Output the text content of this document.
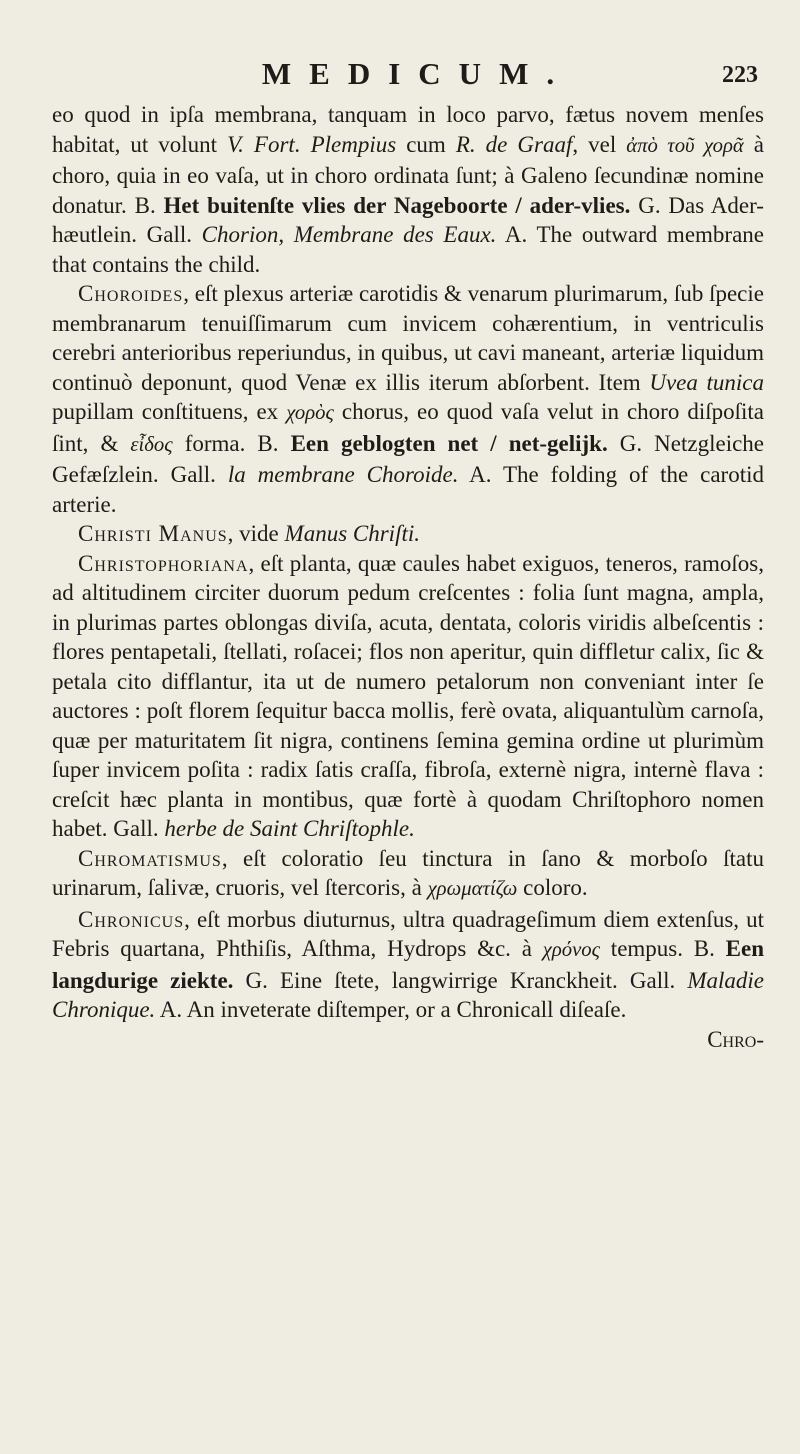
MEDICUM.	223

eo quod in ipſa membrana, tanquam in loco parvo, fætus novem menſes habitat, ut volunt V. Fort. Plempius cum R. de Graaf, vel ἀπὸ τοῦ χορᾶ à choro, quia in eo vaſa, ut in choro ordinata ſunt; à Galeno ſecundinæ nomine donatur. B. Het buitenſte vlies der Nageboorte / ader-vlies. G. Das Ader-hæutlein. Gall. Chorion, Membrane des Eaux. A. The outward membrane that contains the child.

Choroides, eſt plexus arteriæ carotidis & venarum plurimarum, ſub ſpecie membranarum tenuiſſimarum cum invicem cohærentium, in ventriculis cerebri anterioribus reperiundus, in quibus, ut cavi maneant, arteriæ liquidum continuò deponunt, quod Venæ ex illis iterum abſorbent. Item Uvea tunica pupillam conſtituens, ex χορὸς chorus, eo quod vaſa velut in choro diſpoſita ſint, & εἶδος forma. B. Een geblogten net / net-gelijk. G. Netzgleiche Gefæſzlein. Gall. la membrane Choroide. A. The folding of the carotid arterie.

Christi Manus, vide Manus Chriſti.

Christophoriana, eſt planta, quæ caules habet exiguos, teneros, ramoſos, ad altitudinem circiter duorum pedum creſcentes : folia ſunt magna, ampla, in plurimas partes oblongas diviſa, acuta, dentata, coloris viridis albeſcentis : flores pentapetali, ſtellati, roſacei; flos non aperitur, quin diffletur calix, ſic & petala cito difflantur, ita ut de numero petalorum non conveniant inter ſe auctores : poſt florem ſequitur bacca mollis, ferè ovata, aliquantulùm carnoſa, quæ per maturitatem ſit nigra, continens ſemina gemina ordine ut plurimùm ſuper invicem poſita : radix ſatis craſſa, fibroſa, externè nigra, internè flava : creſcit hæc planta in montibus, quæ fortè à quodam Chriſtophoro nomen habet. Gall. herbe de Saint Chriſtophle.

Chromatismus, eſt coloratio ſeu tinctura in ſano & morboſo ſtatu urinarum, ſalivæ, cruoris, vel ſtercoris, à χρωματίζω coloro.

Chronicus, eſt morbus diuturnus, ultra quadrageſimum diem extenſus, ut Febris quartana, Phthiſis, Aſthma, Hydrops &c. à χρόνος tempus. B. Een langdurige ziekte. G. Eine ſtete, langwirrige Kranckheit. Gall. Maladie Chronique. A. An inveterate diſtemper, or a Chronicall diſeaſe.

Chro-
